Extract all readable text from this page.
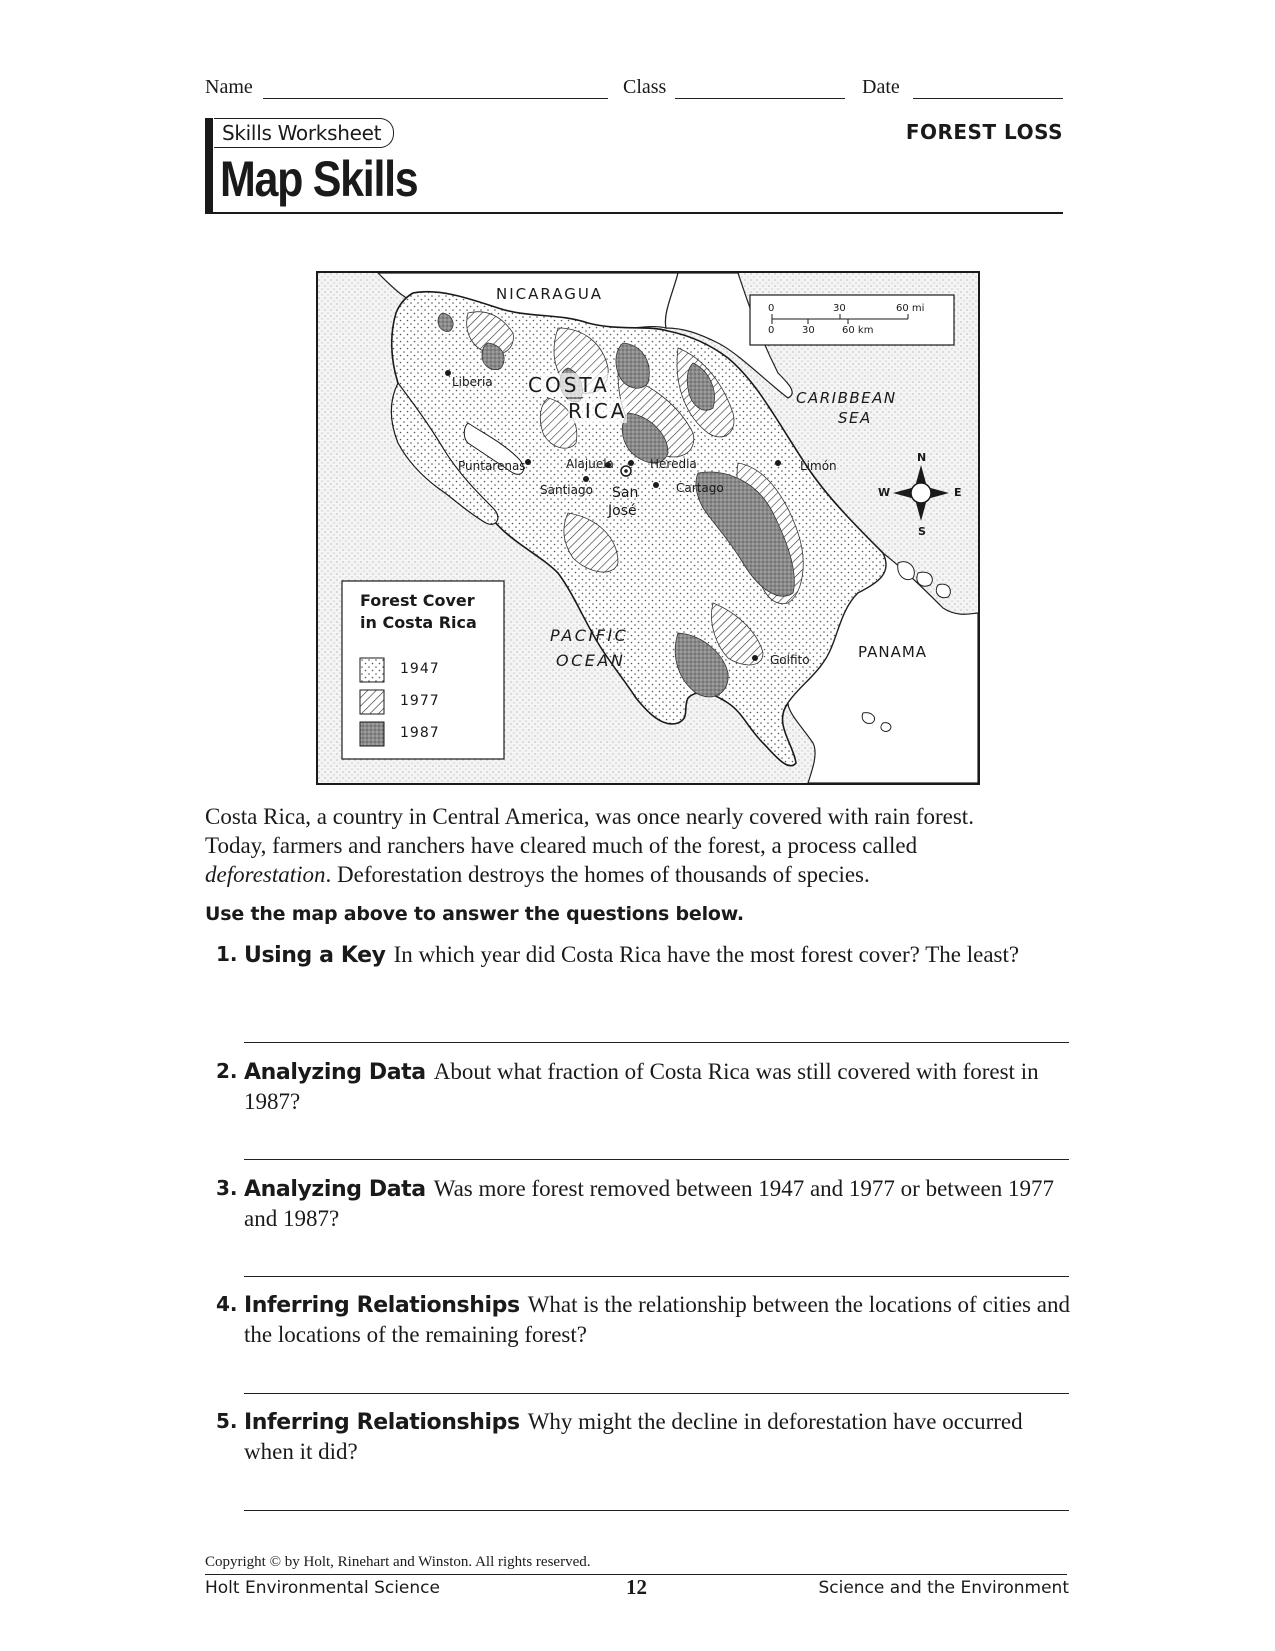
Name	Class	Date
Skills Worksheet	FOREST LOSS
Map Skills
NICARAGUA
COSTA
RICA
PANAMA
CARIBBEAN
SEA
PACIFIC
OCEAN
Liberia
Puntarenas	Alajuela	Heredia
Santiago San
José
Cartago
Limón
Golfito
0	30	60 mi
0	30	60 km
N
S
E
W
Forest Cover
in Costa Rica
1947
1977
1987
Costa Rica, a country in Central America, was once nearly covered with rain forest.
Today, farmers and ranchers have cleared much of the forest, a process called
deforestation. Deforestation destroys the homes of thousands of species.
Use the map above to answer the questions below.
1. Using a Key In which year did Costa Rica have the most forest cover? The least?
2. Analyzing Data About what fraction of Costa Rica was still covered with forest in 1987?
3. Analyzing Data Was more forest removed between 1947 and 1977 or between 1977 and 1987?
4. Inferring Relationships What is the relationship between the locations of cities and the locations of the remaining forest?
5. Inferring Relationships Why might the decline in deforestation have occurred when it did?
Copyright © by Holt, Rinehart and Winston. All rights reserved.
Holt Environmental Science	12	Science and the Environment
